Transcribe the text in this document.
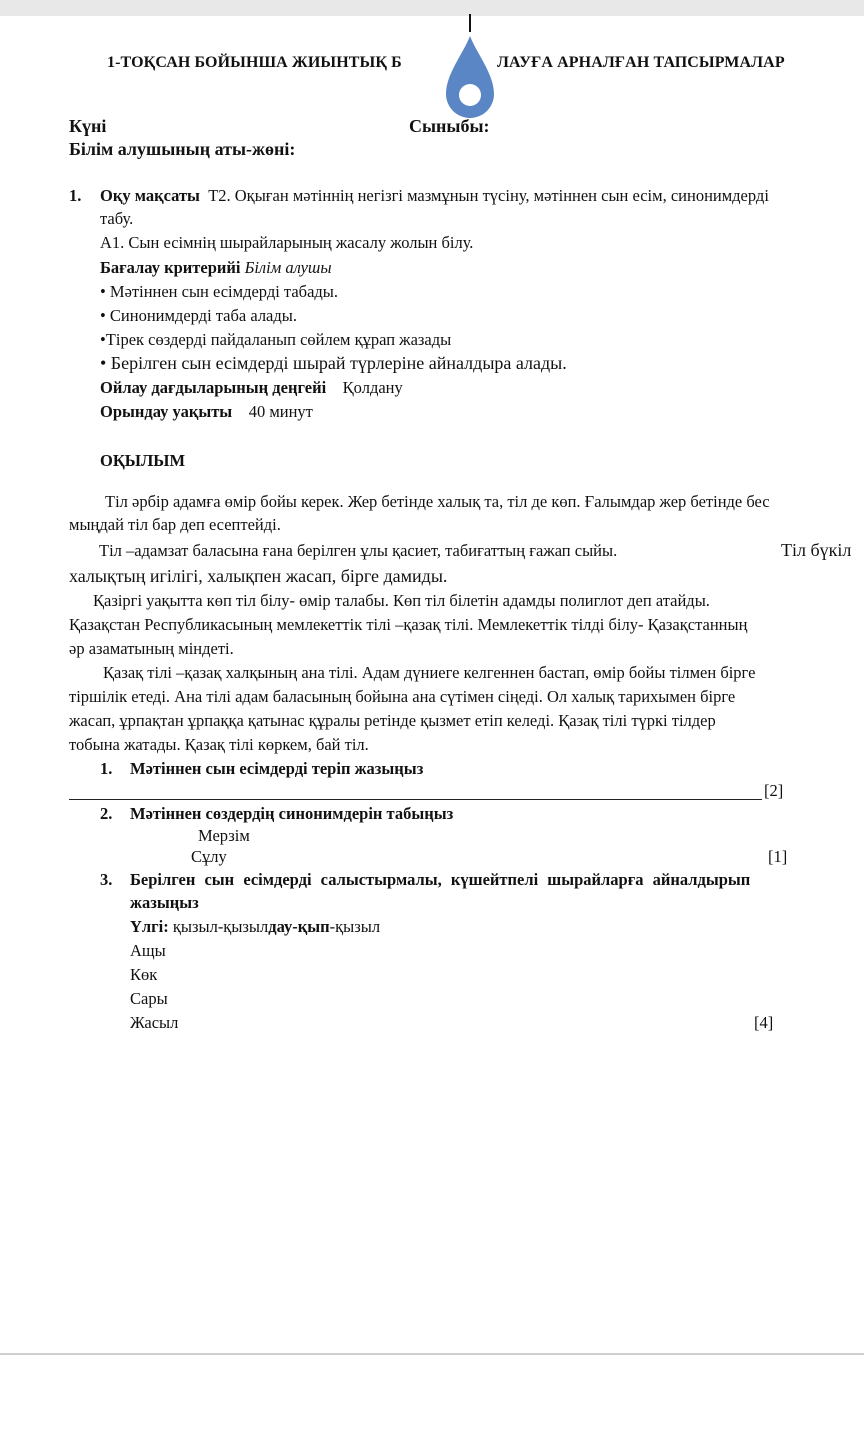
1-ТОҚСАН БОЙЫНША ЖИЫНТЫҚ Б	ЛАУҒА АРНАЛҒАН ТАПСЫРМАЛАР
Күні	Сыныбы:
Білім алушының аты-жөні:
1. Оқу мақсаты Т2. Оқыған мәтіннің негізгі мазмұнын түсіну, мәтіннен сын есім, синонимдерді
табу.
А1. Сын есімнің шырайларының жасалу жолын білу.
Бағалау критерийі Білім алушы
• Мәтіннен сын есімдерді табады.
• Синонимдерді таба алады.
•Тірек сөздерді пайдаланып сөйлем құрап жазады
• Берілген сын есімдерді шырай түрлеріне айналдыра алады.
Ойлау дағдыларының деңгейі Қолдану
Орындау уақыты 40 минут
ОҚЫЛЫМ
Тіл әрбір адамға өмір бойы керек. Жер бетінде халық та, тіл де көп. Ғалымдар жер бетінде бес
мыңдай тіл бар деп есептейді.
Тіл –адамзат баласына ғана берілген ұлы қасиет, табиғаттың ғажап сыйы.	Тіл бүкіл
халықтың игілігі, халықпен жасап, бірге дамиды.
Қазіргі уақытта көп тіл білу- өмір талабы. Көп тіл білетін адамды полиглот деп атайды.
Қазақстан Республикасының мемлекеттік тілі –қазақ тілі. Мемлекеттік тілді білу- Қазақстанның
әр азаматының міндеті.
Қазақ тілі –қазақ халқының ана тілі. Адам дүниеге келгеннен бастап, өмір бойы тілмен бірге
тіршілік етеді. Ана тілі адам баласының бойына ана сүтімен сіңеді. Ол халық тарихымен бірге
жасап, ұрпақтан ұрпаққа қатынас құралы ретінде қызмет етіп келеді. Қазақ тілі түркі тілдер
тобына жатады. Қазақ тілі көркем, бай тіл.
1. Мәтіннен сын есімдерді теріп жазыңыз
[2]
2. Мәтіннен сөздердің синонимдерін табыңыз
Мерзім
Сұлу	[1]
3. Берілген сын есімдерді салыстырмалы, күшейтпелі шырайларға айналдырып
жазыңыз
Үлгі: қызыл-қызылдау-қып-қызыл
Ащы
Көк
Сары
Жасыл	[4]
